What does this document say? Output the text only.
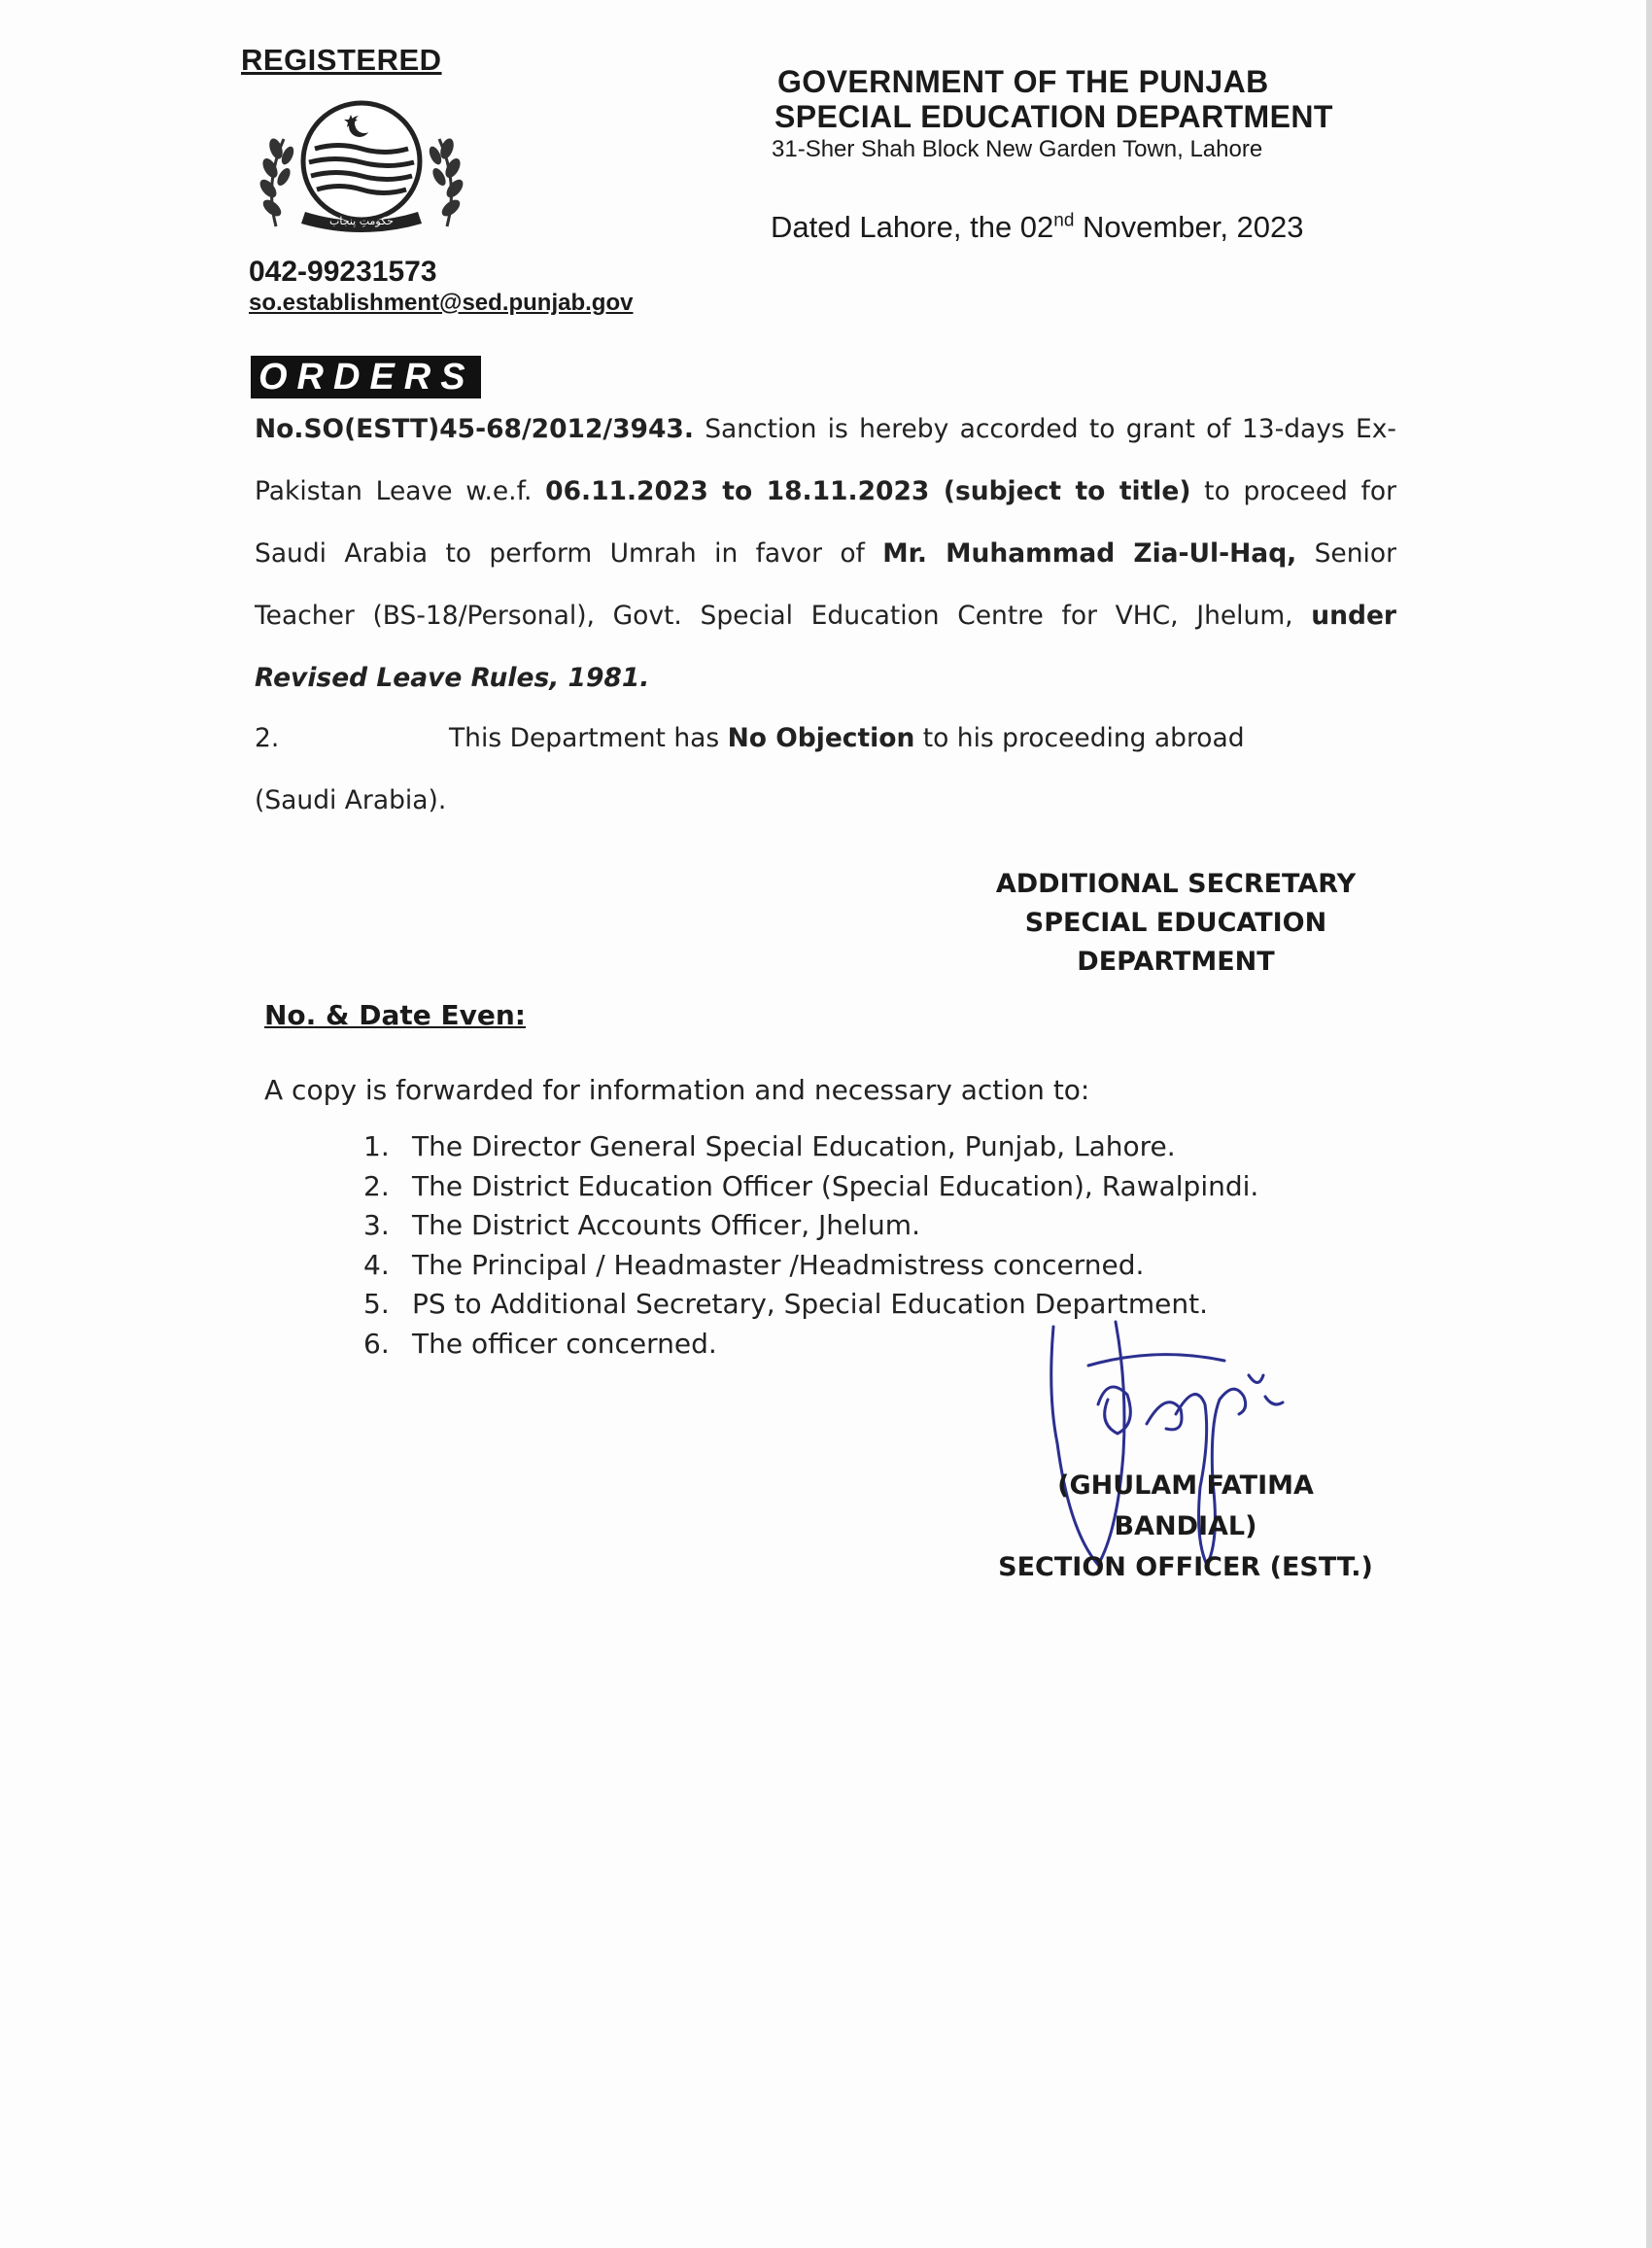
REGISTERED
حکومتِ پنجاب
042-99231573
so.establishment@sed.punjab.gov
GOVERNMENT OF THE PUNJAB
SPECIAL EDUCATION DEPARTMENT
31-Sher Shah Block New Garden Town, Lahore
Dated Lahore, the 02nd November, 2023
ORDERS
No.SO(ESTT)45-68/2012/3943. Sanction is hereby accorded to grant of 13-days Ex-Pakistan Leave w.e.f. 06.11.2023 to 18.11.2023 (subject to title) to proceed for Saudi Arabia to perform Umrah in favor of Mr. Muhammad Zia-Ul-Haq, Senior Teacher (BS-18/Personal), Govt. Special Education Centre for VHC, Jhelum, under Revised Leave Rules, 1981.
2.	This Department has No Objection to his proceeding abroad
(Saudi Arabia).
ADDITIONAL SECRETARY
SPECIAL EDUCATION
DEPARTMENT
No. & Date Even:
A copy is forwarded for information and necessary action to:
1. The Director General Special Education, Punjab, Lahore.
2. The District Education Officer (Special Education), Rawalpindi.
3. The District Accounts Officer, Jhelum.
4. The Principal / Headmaster /Headmistress concerned.
5. PS to Additional Secretary, Special Education Department.
6. The officer concerned.
(GHULAM FATIMA BANDIAL)
SECTION OFFICER (ESTT.)
